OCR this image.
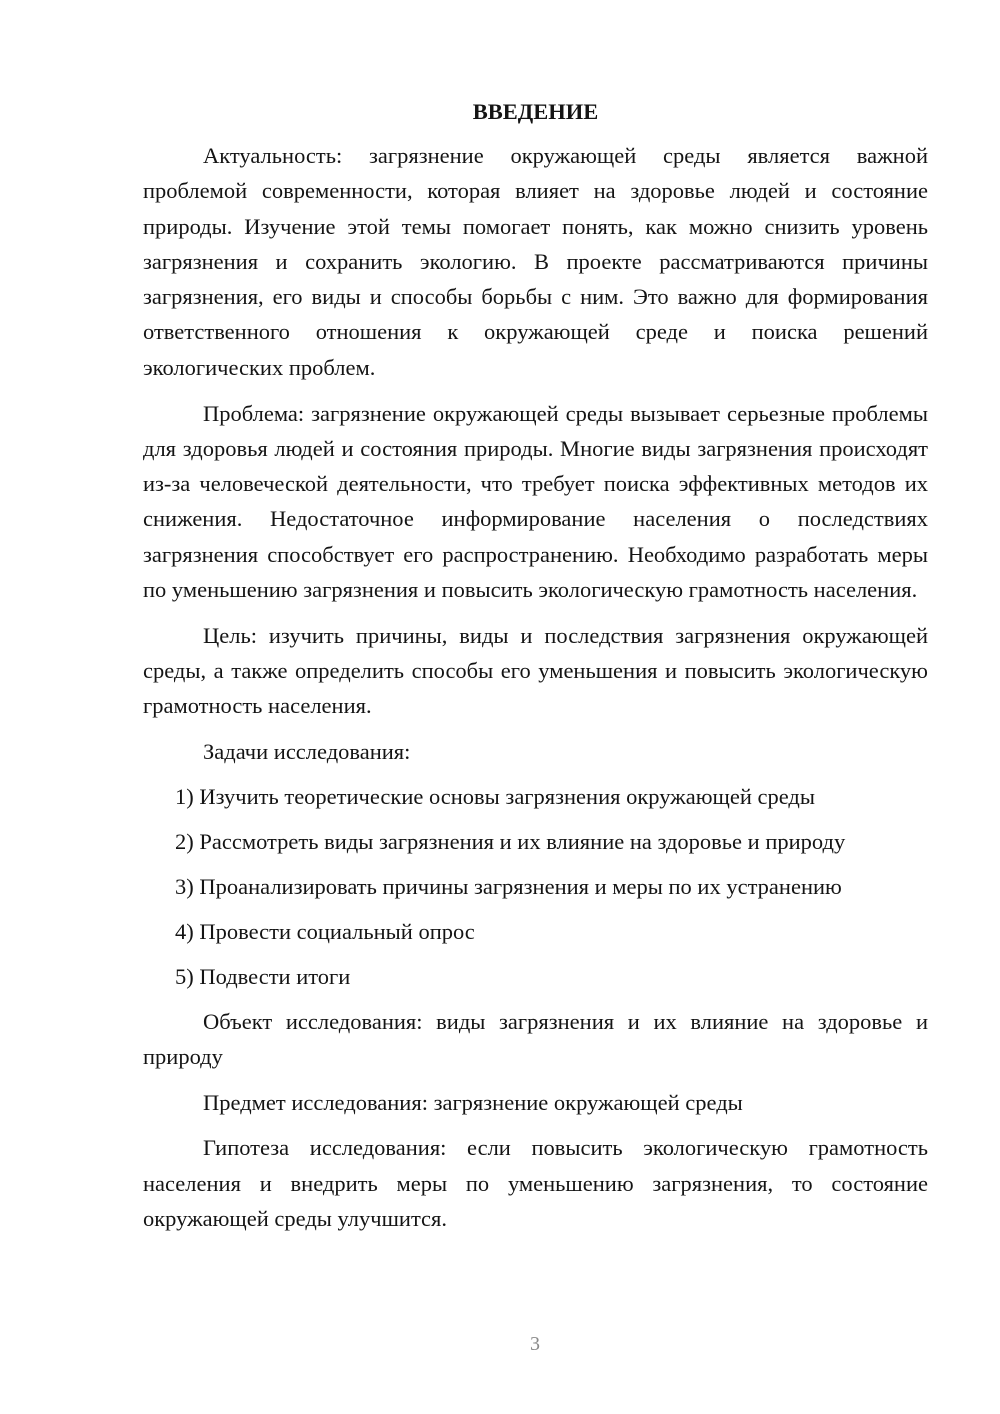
ВВЕДЕНИЕ

Актуальность: загрязнение окружающей среды является важной проблемой современности, которая влияет на здоровье людей и состояние природы. Изучение этой темы помогает понять, как можно снизить уровень загрязнения и сохранить экологию. В проекте рассматриваются причины загрязнения, его виды и способы борьбы с ним. Это важно для формирования ответственного отношения к окружающей среде и поиска решений экологических проблем.

Проблема: загрязнение окружающей среды вызывает серьезные проблемы для здоровья людей и состояния природы. Многие виды загрязнения происходят из-за человеческой деятельности, что требует поиска эффективных методов их снижения. Недостаточное информирование населения о последствиях загрязнения способствует его распространению. Необходимо разработать меры по уменьшению загрязнения и повысить экологическую грамотность населения.

Цель: изучить причины, виды и последствия загрязнения окружающей среды, а также определить способы его уменьшения и повысить экологическую грамотность населения.

Задачи исследования:

1) Изучить теоретические основы загрязнения окружающей среды
2) Рассмотреть виды загрязнения и их влияние на здоровье и природу
3) Проанализировать причины загрязнения и меры по их устранению
4) Провести социальный опрос
5) Подвести итоги

Объект исследования: виды загрязнения и их влияние на здоровье и природу

Предмет исследования: загрязнение окружающей среды

Гипотеза исследования: если повысить экологическую грамотность населения и внедрить меры по уменьшению загрязнения, то состояние окружающей среды улучшится.

3
